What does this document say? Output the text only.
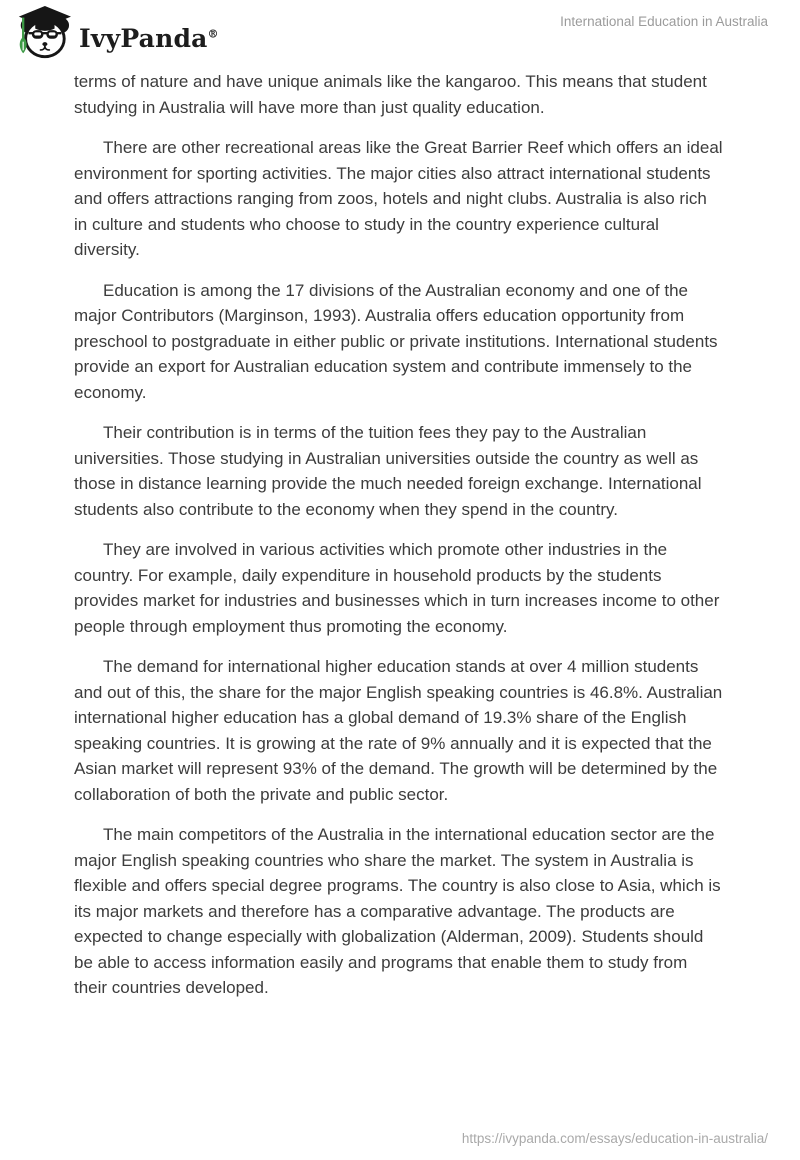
IvyPanda®
International Education in Australia

terms of nature and have unique animals like the kangaroo. This means that student studying in Australia will have more than just quality education.

There are other recreational areas like the Great Barrier Reef which offers an ideal environment for sporting activities. The major cities also attract international students and offers attractions ranging from zoos, hotels and night clubs. Australia is also rich in culture and students who choose to study in the country experience cultural diversity.

Education is among the 17 divisions of the Australian economy and one of the major Contributors (Marginson, 1993). Australia offers education opportunity from preschool to postgraduate in either public or private institutions. International students provide an export for Australian education system and contribute immensely to the economy.

Their contribution is in terms of the tuition fees they pay to the Australian universities. Those studying in Australian universities outside the country as well as those in distance learning provide the much needed foreign exchange. International students also contribute to the economy when they spend in the country.

They are involved in various activities which promote other industries in the country. For example, daily expenditure in household products by the students provides market for industries and businesses which in turn increases income to other people through employment thus promoting the economy.

The demand for international higher education stands at over 4 million students and out of this, the share for the major English speaking countries is 46.8%. Australian international higher education has a global demand of 19.3% share of the English speaking countries. It is growing at the rate of 9% annually and it is expected that the Asian market will represent 93% of the demand. The growth will be determined by the collaboration of both the private and public sector.

The main competitors of the Australia in the international education sector are the major English speaking countries who share the market. The system in Australia is flexible and offers special degree programs. The country is also close to Asia, which is its major markets and therefore has a comparative advantage. The products are expected to change especially with globalization (Alderman, 2009). Students should be able to access information easily and programs that enable them to study from their countries developed.

https://ivypanda.com/essays/education-in-australia/
